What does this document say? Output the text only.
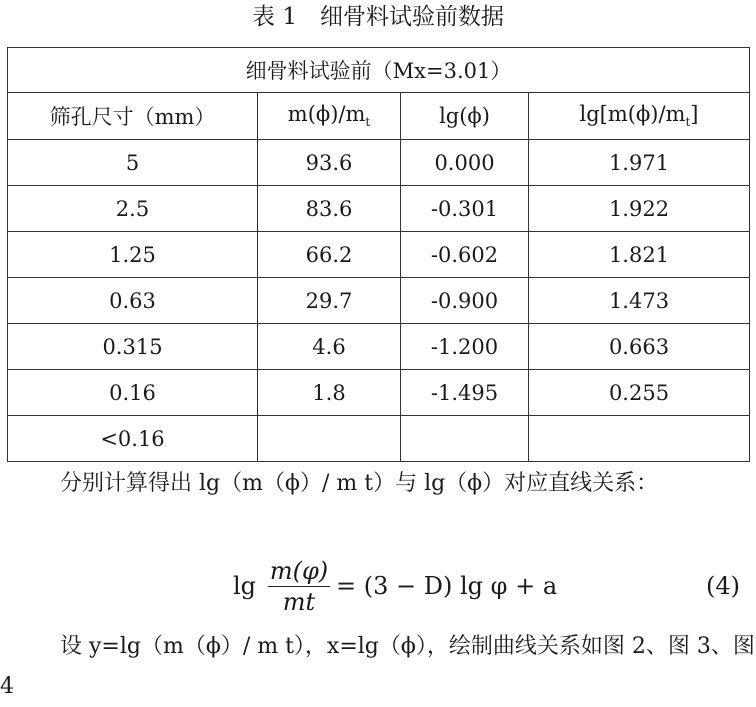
表 1　细骨料试验前数据
细骨料试验前（Mx=3.01）			
筛孔尺寸（mm）	$m(\phi)/m_t$	lg(ϕ)	$\lg[m(\phi)/m_t]$
5	93.6	0.000	1.971
2.5	83.6	-0.301	1.922
1.25	66.2	-0.602	1.821
0.63	29.7	-0.900	1.473
0.315	4.6	-1.200	0.663
0.16	1.8	-1.495	0.255
<0.16			
分别计算得出 lg（m（ϕ）/ m t）与 lg（ϕ）对应直线关系：
$\lg \frac{m(\varphi)}{mt} = (3 - D)$ lg φ + a	(4)
设 y=lg（m（ϕ）/ m t），x=lg（ϕ），绘制曲线关系如图 2、图 3、图 4
